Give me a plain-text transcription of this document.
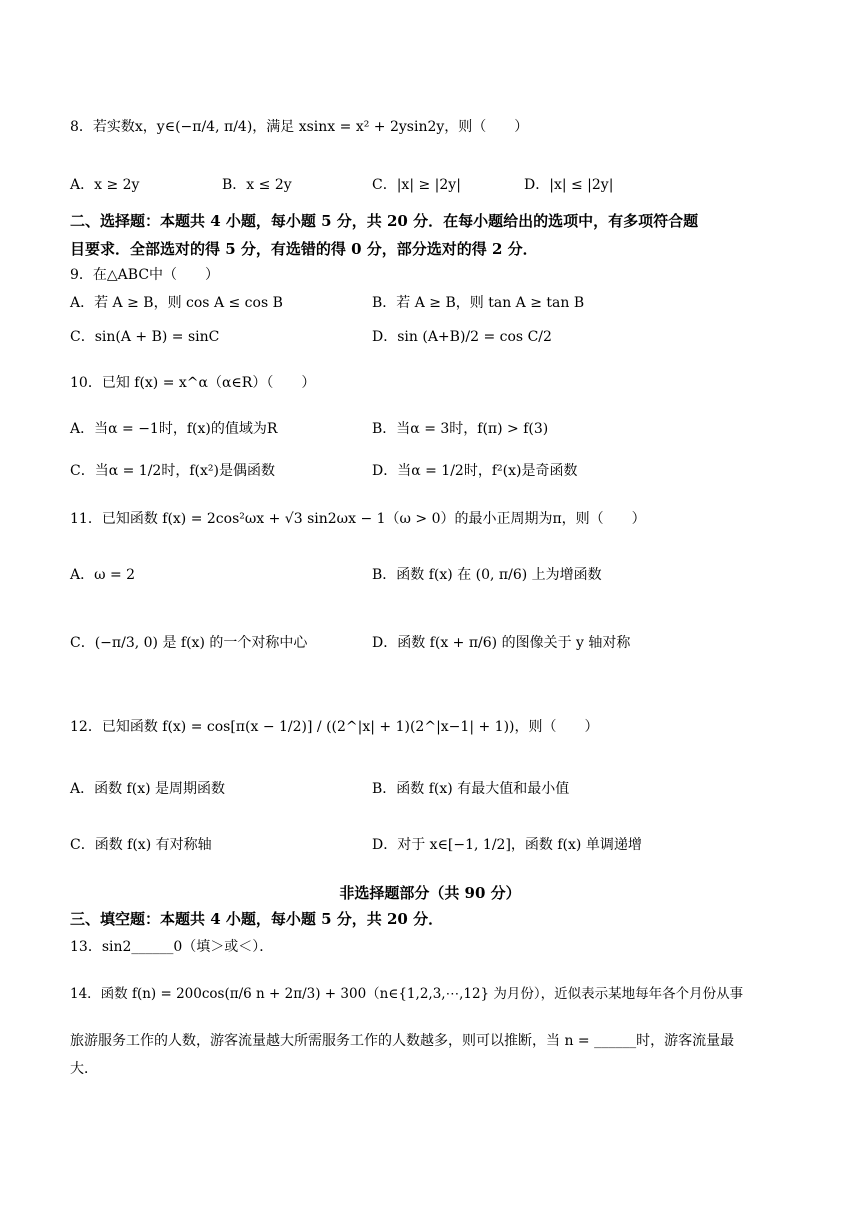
8．若实数x，y∈(−π/4, π/4)，满足 xsinx = x² + 2ysin2y，则（　　）
A．x ≥ 2y	B．x ≤ 2y	C．|x| ≥ |2y|	D．|x| ≤ |2y|
二、选择题：本题共 4 小题，每小题 5 分，共 20 分．在每小题给出的选项中，有多项符合题
目要求．全部选对的得 5 分，有选错的得 0 分，部分选对的得 2 分．
9．在△ABC中（　　）
A．若 A ≥ B，则 cos A ≤ cos B	B．若 A ≥ B，则 tan A ≥ tan B
C．sin(A + B) = sinC	D．sin (A+B)/2 = cos C/2
10．已知 f(x) = x^α（α∈R）（　　）
A．当α = −1时，f(x)的值域为R	B．当α = 3时，f(π) > f(3)
C．当α = 1/2时，f(x²)是偶函数	D．当α = 1/2时，f²(x)是奇函数
11．已知函数 f(x) = 2cos²ωx + √3 sin2ωx − 1（ω > 0）的最小正周期为π，则（　　）
A．ω = 2	B．函数 f(x) 在 (0, π/6) 上为增函数
C．(−π/3, 0) 是 f(x) 的一个对称中心	D．函数 f(x + π/6) 的图像关于 y 轴对称
12．已知函数 f(x) = cos[π(x − 1/2)] / ((2^|x| + 1)(2^|x−1| + 1))，则（　　）
A．函数 f(x) 是周期函数	B．函数 f(x) 有最大值和最小值
C．函数 f(x) 有对称轴	D．对于 x∈[−1, 1/2]，函数 f(x) 单调递增
非选择题部分（共 90 分）
三、填空题：本题共 4 小题，每小题 5 分，共 20 分．
13．sin2______0（填＞或＜）．
14．函数 f(n) = 200cos(π/6 n + 2π/3) + 300（n∈{1,2,3,⋯,12} 为月份），近似表示某地每年各个月份从事
旅游服务工作的人数，游客流量越大所需服务工作的人数越多，则可以推断，当 n = ______时，游客流量最
大．
